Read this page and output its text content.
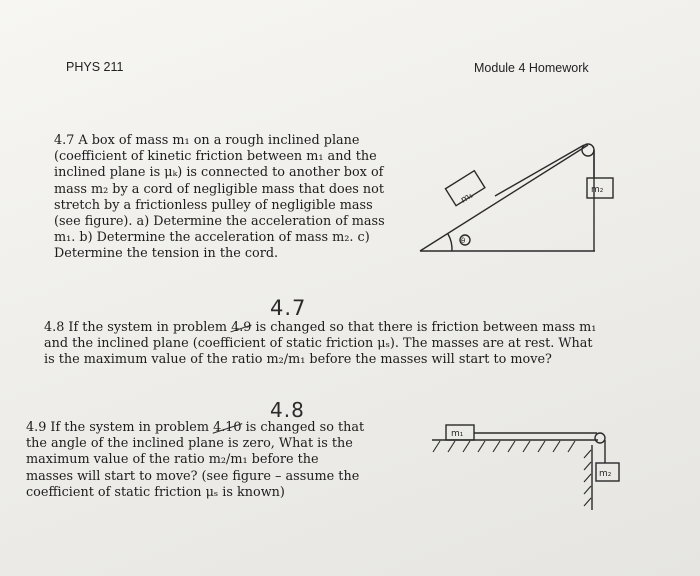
PHYS 211	Module 4 Homework
4.7 A box of mass m₁ on a rough inclined plane
(coefficient of kinetic friction between m₁ and the
inclined plane is μₖ) is connected to another box of
mass m₂ by a cord of negligible mass that does not
stretch by a frictionless pulley of negligible mass
(see figure). a) Determine the acceleration of mass
m₁. b) Determine the acceleration of mass m₂. c)
Determine the tension in the cord.
4.7
4.8 If the system in problem 4.9 is changed so that there is friction between mass m₁
and the inclined plane (coefficient of static friction μₛ). The masses are at rest. What
is the maximum value of the ratio m₂/m₁ before the masses will start to move?
4.8
4.9 If the system in problem 4.10 is changed so that
the angle of the inclined plane is zero, What is the
maximum value of the ratio m₂/m₁ before the
masses will start to move? (see figure – assume the
coefficient of static friction μₛ is known)
m₁
m₂
θ
m₁
m₂
